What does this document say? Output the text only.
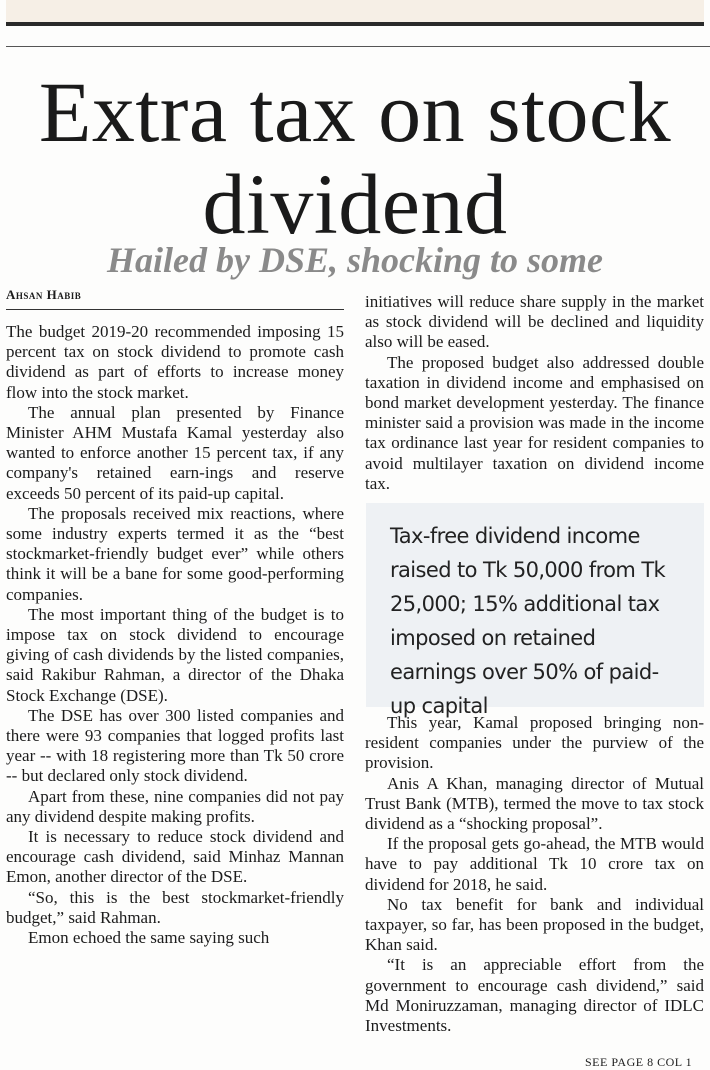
Extra tax on stock
dividend
Hailed by DSE, shocking to some
Ahsan Habib

The budget 2019-20 recommended imposing 15 percent tax on stock dividend to promote cash dividend as part of efforts to increase money flow into the stock market.

The annual plan presented by Finance Minister AHM Mustafa Kamal yesterday also wanted to enforce another 15 percent tax, if any company's retained earn-ings and reserve exceeds 50 percent of its paid-up capital.

The proposals received mix reactions, where some industry experts termed it as the “best stockmarket-friendly budget ever” while others think it will be a bane for some good-performing companies.

The most important thing of the budget is to impose tax on stock dividend to encourage giving of cash dividends by the listed companies, said Rakibur Rahman, a director of the Dhaka Stock Exchange (DSE).

The DSE has over 300 listed companies and there were 93 companies that logged profits last year -- with 18 registering more than Tk 50 crore -- but declared only stock dividend.

Apart from these, nine companies did not pay any dividend despite making profits.

It is necessary to reduce stock dividend and encourage cash dividend, said Minhaz Mannan Emon, another director of the DSE.

“So, this is the best stockmarket-friendly budget,” said Rahman.

Emon echoed the same saying such

initiatives will reduce share supply in the market as stock dividend will be declined and liquidity also will be eased.

The proposed budget also addressed double taxation in dividend income and emphasised on bond market development yesterday. The finance minister said a provision was made in the income tax ordinance last year for resident companies to avoid multilayer taxation on dividend income tax.

Tax-free dividend income raised to Tk 50,000 from Tk 25,000; 15% additional tax imposed on retained earnings over 50% of paid-up capital

This year, Kamal proposed bringing non-resident companies under the purview of the provision.

Anis A Khan, managing director of Mutual Trust Bank (MTB), termed the move to tax stock dividend as a “shocking proposal”.

If the proposal gets go-ahead, the MTB would have to pay additional Tk 10 crore tax on dividend for 2018, he said.

No tax benefit for bank and individual taxpayer, so far, has been proposed in the budget, Khan said.

“It is an appreciable effort from the government to encourage cash dividend,” said Md Moniruzzaman, managing director of IDLC Investments.

SEE PAGE 8 COL 1
